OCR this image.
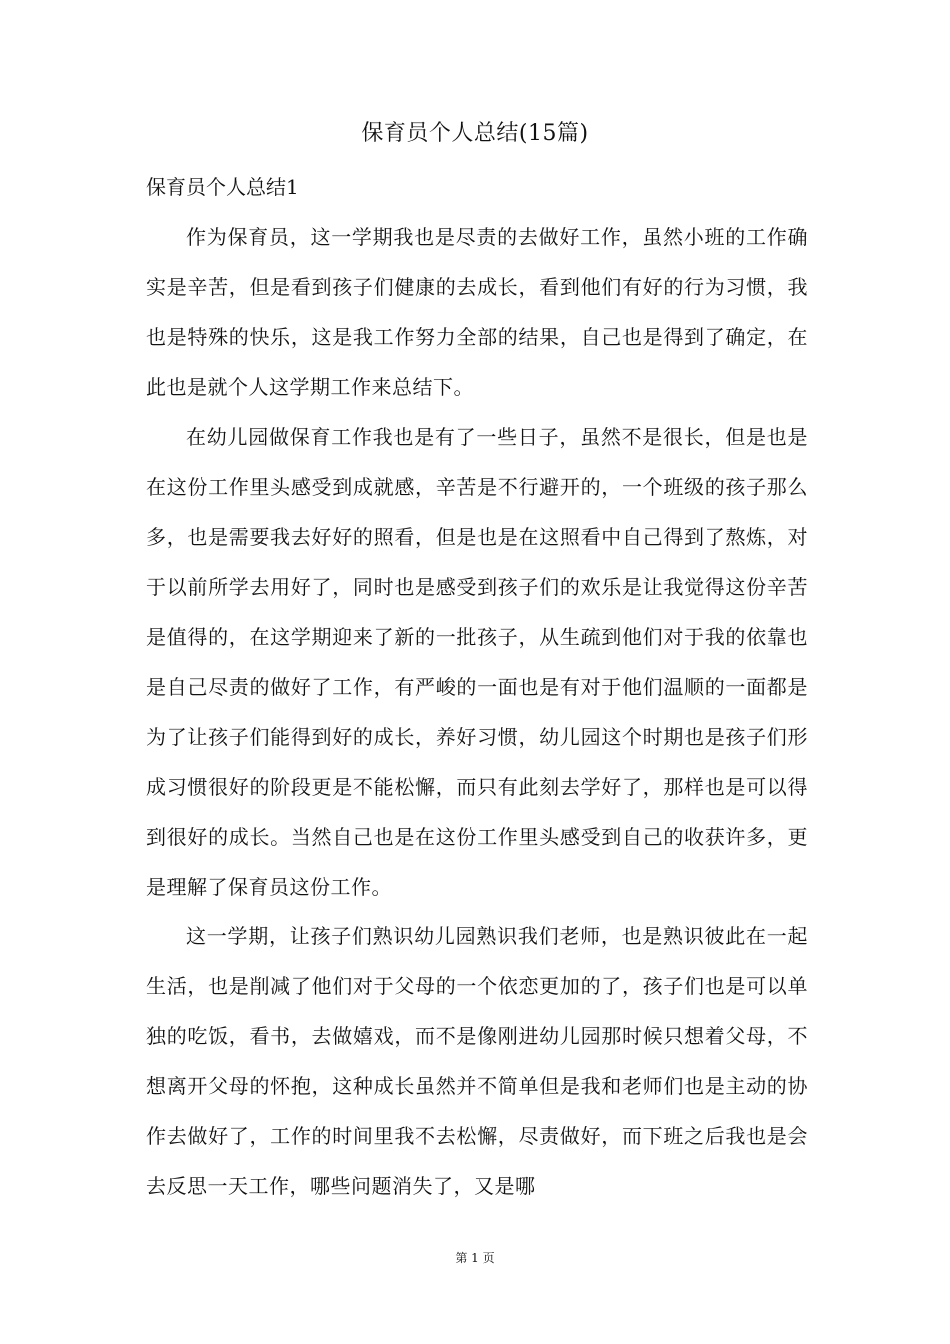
保育员个人总结(15篇)
保育员个人总结1

作为保育员，这一学期我也是尽责的去做好工作，虽然小班的工作确实是辛苦，但是看到孩子们健康的去成长，看到他们有好的行为习惯，我也是特殊的快乐，这是我工作努力全部的结果，自己也是得到了确定，在此也是就个人这学期工作来总结下。

在幼儿园做保育工作我也是有了一些日子，虽然不是很长，但是也是在这份工作里头感受到成就感，辛苦是不行避开的，一个班级的孩子那么多，也是需要我去好好的照看，但是也是在这照看中自己得到了熬炼，对于以前所学去用好了，同时也是感受到孩子们的欢乐是让我觉得这份辛苦是值得的，在这学期迎来了新的一批孩子，从生疏到他们对于我的依靠也是自己尽责的做好了工作，有严峻的一面也是有对于他们温顺的一面都是为了让孩子们能得到好的成长，养好习惯，幼儿园这个时期也是孩子们形成习惯很好的阶段更是不能松懈，而只有此刻去学好了，那样也是可以得到很好的成长。当然自己也是在这份工作里头感受到自己的收获许多，更是理解了保育员这份工作。

这一学期，让孩子们熟识幼儿园熟识我们老师，也是熟识彼此在一起生活，也是削减了他们对于父母的一个依恋更加的了，孩子们也是可以单独的吃饭，看书，去做嬉戏，而不是像刚进幼儿园那时候只想着父母，不想离开父母的怀抱，这种成长虽然并不简单但是我和老师们也是主动的协作去做好了，工作的时间里我不去松懈，尽责做好，而下班之后我也是会去反思一天工作，哪些问题消失了，又是哪

第 1 页
